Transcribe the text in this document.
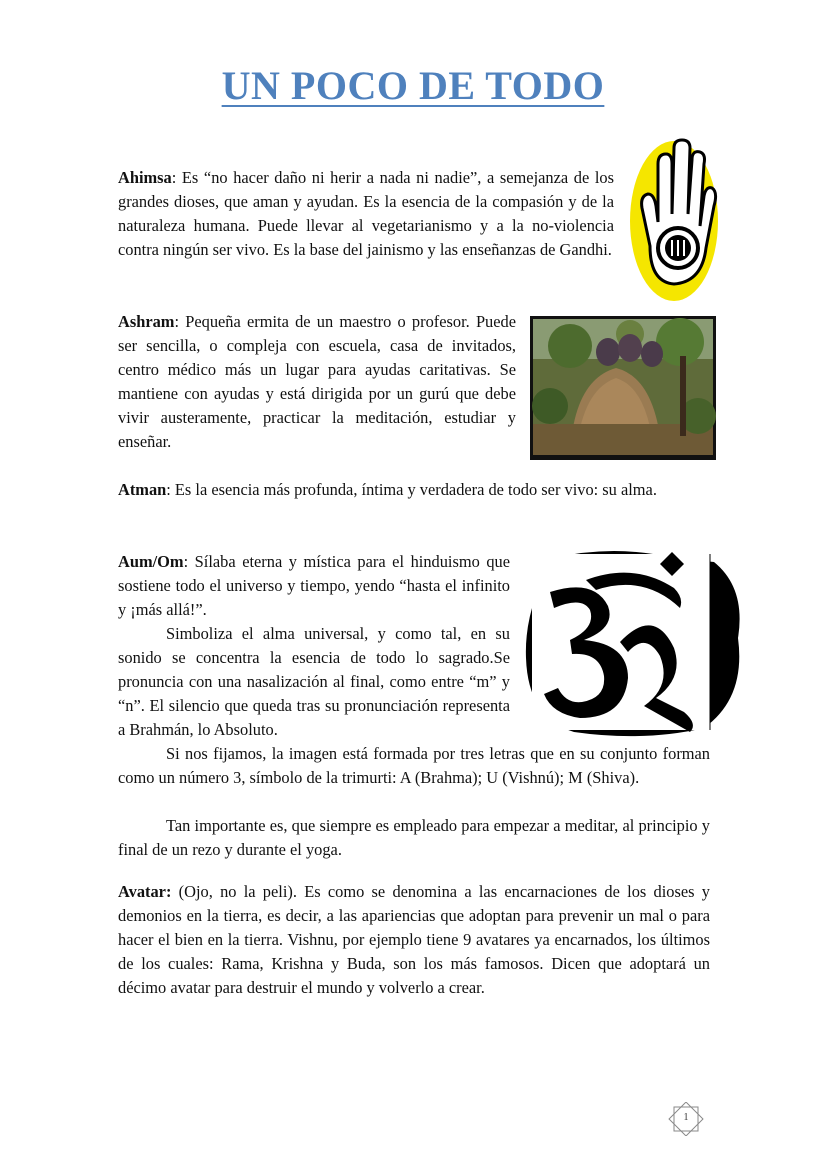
UN POCO DE TODO

Ahimsa: Es “no hacer daño ni herir a nada ni nadie”, a semejanza de los grandes dioses, que aman y ayudan. Es la esencia de la compasión y de la naturaleza humana. Puede llevar al vegetarianismo y a la no-violencia contra ningún ser vivo. Es la base del jainismo y las enseñanzas de Gandhi.

Ashram: Pequeña ermita de un maestro o profesor. Puede ser sencilla, o compleja con escuela, casa de invitados, centro médico más un lugar para ayudas caritativas. Se mantiene con ayudas y está dirigida por un gurú que debe vivir austeramente, practicar la meditación, estudiar y enseñar.

Atman: Es la esencia más profunda, íntima y verdadera de todo ser vivo: su alma.

Aum/Om: Sílaba eterna y mística para el hinduismo que sostiene todo el universo y tiempo, yendo “hasta el infinito y ¡más allá!”.

Simboliza el alma universal, y como tal, en su sonido se concentra la esencia de todo lo sagrado.Se pronuncia con una nasalización al final, como entre “m” y “n”. El silencio que queda tras su pronunciación representa a Brahmán, lo Absoluto.

Si nos fijamos, la imagen está formada por tres letras que en su conjunto forman como un número 3, símbolo de la trimurti: A (Brahma); U (Vishnú); M (Shiva).

Tan importante es, que siempre es empleado para empezar a meditar, al principio y final de un rezo y durante el yoga.

Avatar: (Ojo, no la peli). Es como se denomina a las encarnaciones de los dioses y demonios en la tierra, es decir, a las apariencias que adoptan para prevenir un mal o para hacer el bien en la tierra. Vishnu, por ejemplo tiene 9 avatares ya encarnados, los últimos de los cuales: Rama, Krishna y Buda, son los más famosos. Dicen que adoptará un décimo avatar para destruir el mundo y volverlo a crear.

1
